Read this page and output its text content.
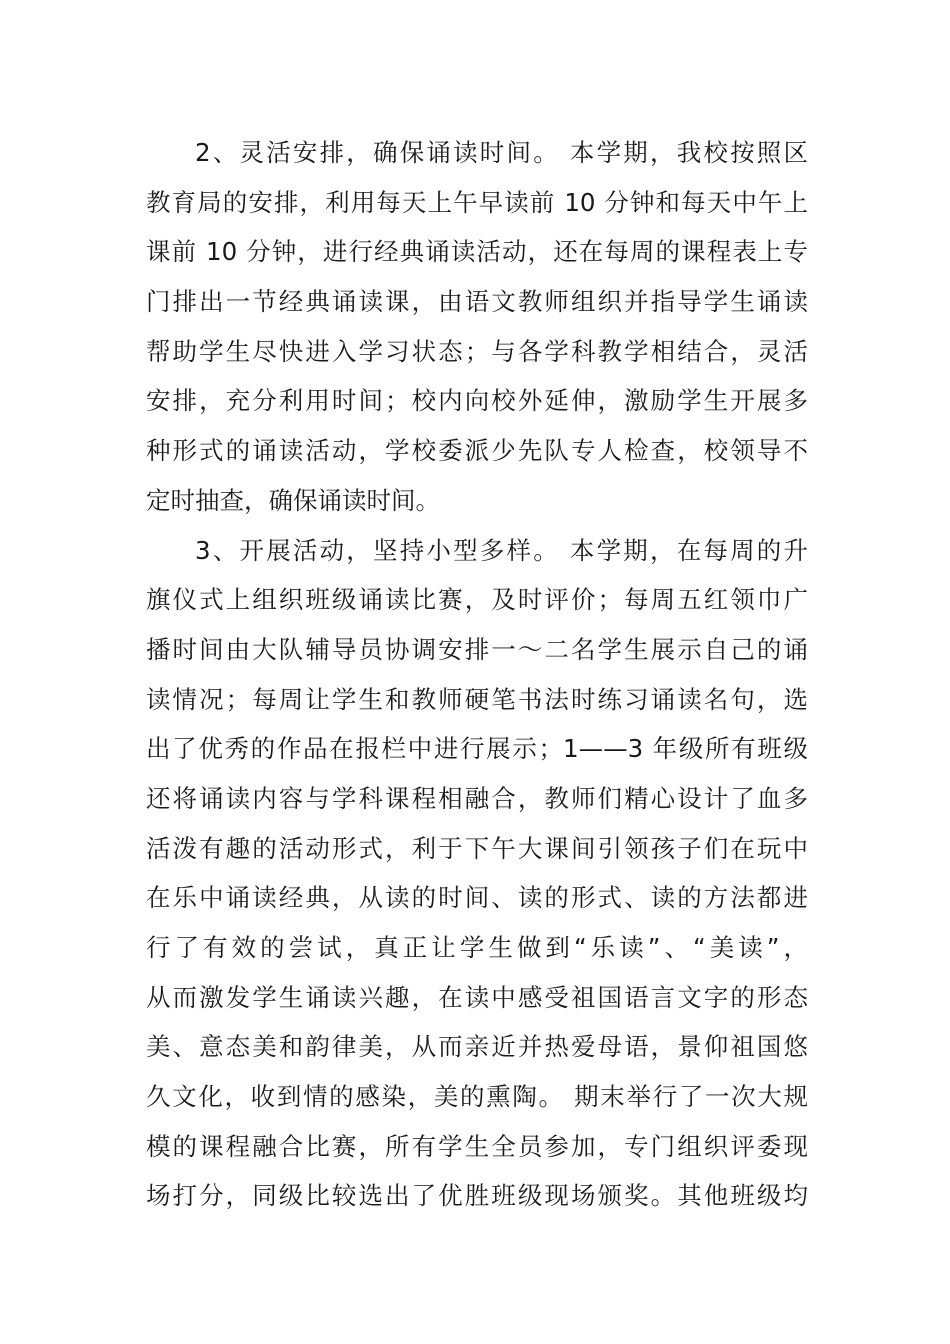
2、灵活安排，确保诵读时间。 本学期，我校按照区
教育局的安排，利用每天上午早读前 10 分钟和每天中午上
课前 10 分钟，进行经典诵读活动，还在每周的课程表上专
门排出一节经典诵读课，由语文教师组织并指导学生诵读
帮助学生尽快进入学习状态；与各学科教学相结合，灵活
安排，充分利用时间；校内向校外延伸，激励学生开展多
种形式的诵读活动，学校委派少先队专人检查，校领导不
定时抽查，确保诵读时间。
3、开展活动，坚持小型多样。 本学期，在每周的升
旗仪式上组织班级诵读比赛，及时评价；每周五红领巾广
播时间由大队辅导员协调安排一～二名学生展示自己的诵
读情况；每周让学生和教师硬笔书法时练习诵读名句，选
出了优秀的作品在报栏中进行展示；1——3 年级所有班级
还将诵读内容与学科课程相融合，教师们精心设计了血多
活泼有趣的活动形式，利于下午大课间引领孩子们在玩中
在乐中诵读经典，从读的时间、读的形式、读的方法都进
行了有效的尝试，真正让学生做到“乐读”、“美读”，
从而激发学生诵读兴趣，在读中感受祖国语言文字的形态
美、意态美和韵律美，从而亲近并热爱母语，景仰祖国悠
久文化，收到情的感染，美的熏陶。 期末举行了一次大规
模的课程融合比赛，所有学生全员参加，专门组织评委现
场打分，同级比较选出了优胜班级现场颁奖。其他班级均
